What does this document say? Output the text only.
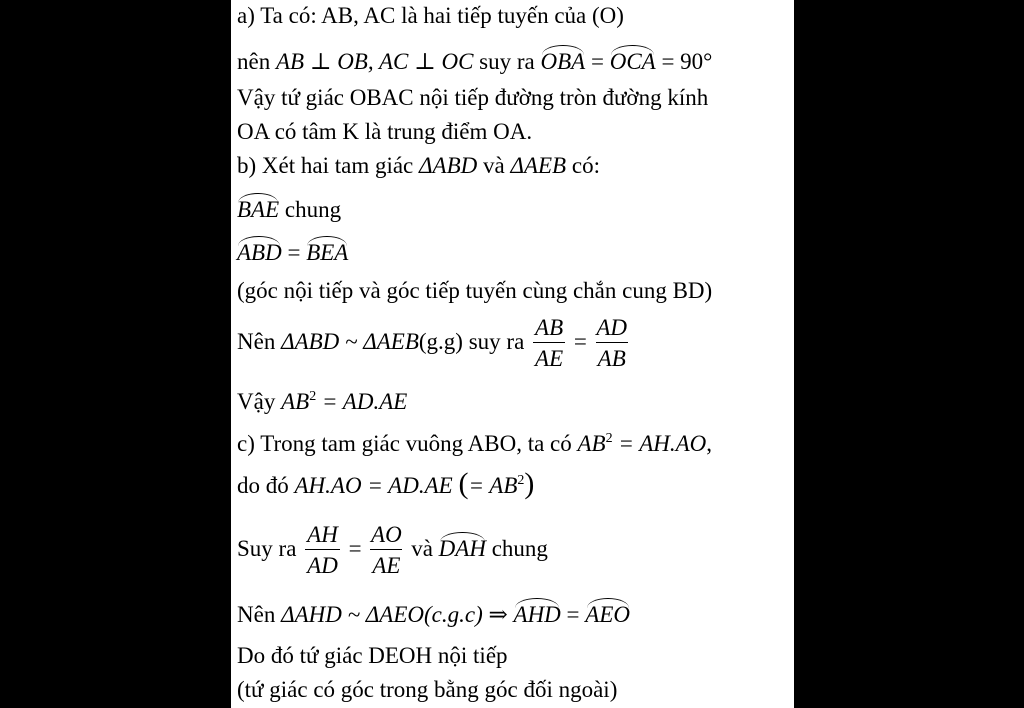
a) Ta có: AB, AC là hai tiếp tuyến của (O)
nên AB ⊥ OB, AC ⊥ OC suy ra OBA = OCA = 90°
Vậy tứ giác OBAC nội tiếp đường tròn đường kính
OA có tâm K là trung điểm OA.
b) Xét hai tam giác ΔABD và ΔAEB có:
BAE chung
ABD = BEA
(góc nội tiếp và góc tiếp tuyến cùng chắn cung BD)
Nên ΔABD ~ ΔAEB(g.g) suy ra $\frac{AB}{AE} = \frac{AD}{AB}$
Vậy $AB^2 = AD.AE$
c) Trong tam giác vuông ABO, ta có $AB^2 = AH.AO$,
do đó AH.AO = AD.AE (= $AB^2$)
Suy ra $\frac{AH}{AD} = \frac{AO}{AE}$ và DAH chung
Nên ΔAHD ~ ΔAEO(c.g.c) ⇒ AHD = AEO
Do đó tứ giác DEOH nội tiếp
(tứ giác có góc trong bằng góc đối ngoài)
